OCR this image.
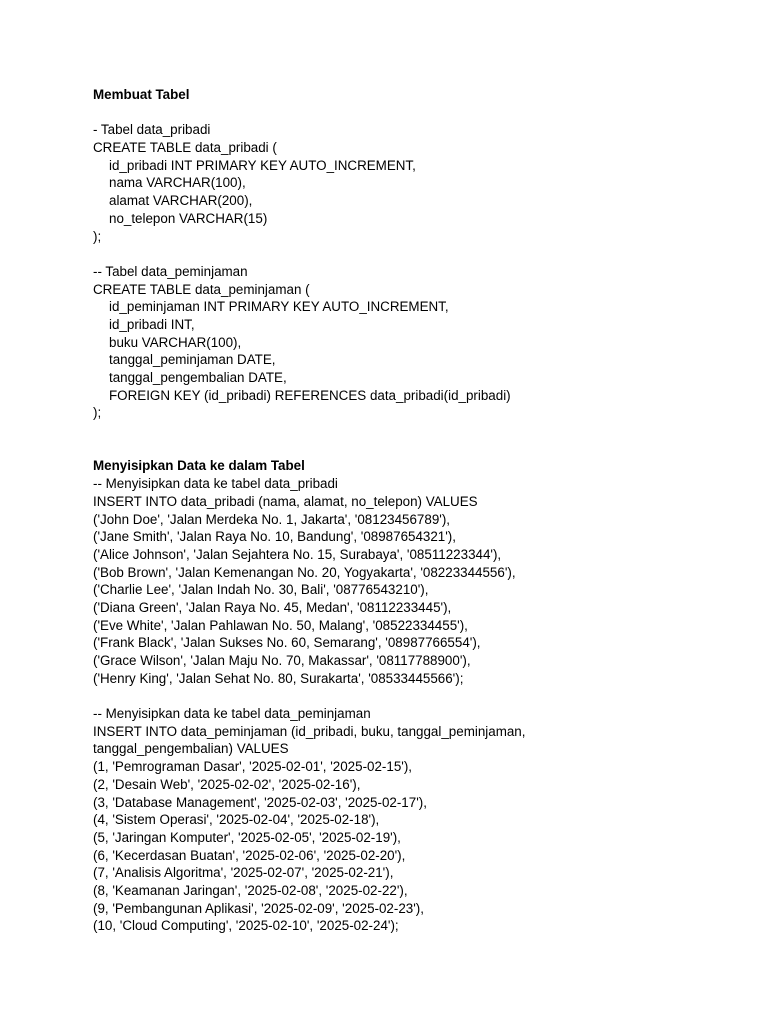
Membuat Tabel
- Tabel data_pribadi
CREATE TABLE data_pribadi (
id_pribadi INT PRIMARY KEY AUTO_INCREMENT,
nama VARCHAR(100),
alamat VARCHAR(200),
no_telepon VARCHAR(15)
);
-- Tabel data_peminjaman
CREATE TABLE data_peminjaman (
id_peminjaman INT PRIMARY KEY AUTO_INCREMENT,
id_pribadi INT,
buku VARCHAR(100),
tanggal_peminjaman DATE,
tanggal_pengembalian DATE,
FOREIGN KEY (id_pribadi) REFERENCES data_pribadi(id_pribadi)
);
Menyisipkan Data ke dalam Tabel
-- Menyisipkan data ke tabel data_pribadi
INSERT INTO data_pribadi (nama, alamat, no_telepon) VALUES
('John Doe', 'Jalan Merdeka No. 1, Jakarta', '08123456789'),
('Jane Smith', 'Jalan Raya No. 10, Bandung', '08987654321'),
('Alice Johnson', 'Jalan Sejahtera No. 15, Surabaya', '08511223344'),
('Bob Brown', 'Jalan Kemenangan No. 20, Yogyakarta', '08223344556'),
('Charlie Lee', 'Jalan Indah No. 30, Bali', '08776543210'),
('Diana Green', 'Jalan Raya No. 45, Medan', '08112233445'),
('Eve White', 'Jalan Pahlawan No. 50, Malang', '08522334455'),
('Frank Black', 'Jalan Sukses No. 60, Semarang', '08987766554'),
('Grace Wilson', 'Jalan Maju No. 70, Makassar', '08117788900'),
('Henry King', 'Jalan Sehat No. 80, Surakarta', '08533445566');
-- Menyisipkan data ke tabel data_peminjaman
INSERT INTO data_peminjaman (id_pribadi, buku, tanggal_peminjaman,
tanggal_pengembalian) VALUES
(1, 'Pemrograman Dasar', '2025-02-01', '2025-02-15'),
(2, 'Desain Web', '2025-02-02', '2025-02-16'),
(3, 'Database Management', '2025-02-03', '2025-02-17'),
(4, 'Sistem Operasi', '2025-02-04', '2025-02-18'),
(5, 'Jaringan Komputer', '2025-02-05', '2025-02-19'),
(6, 'Kecerdasan Buatan', '2025-02-06', '2025-02-20'),
(7, 'Analisis Algoritma', '2025-02-07', '2025-02-21'),
(8, 'Keamanan Jaringan', '2025-02-08', '2025-02-22'),
(9, 'Pembangunan Aplikasi', '2025-02-09', '2025-02-23'),
(10, 'Cloud Computing', '2025-02-10', '2025-02-24');
